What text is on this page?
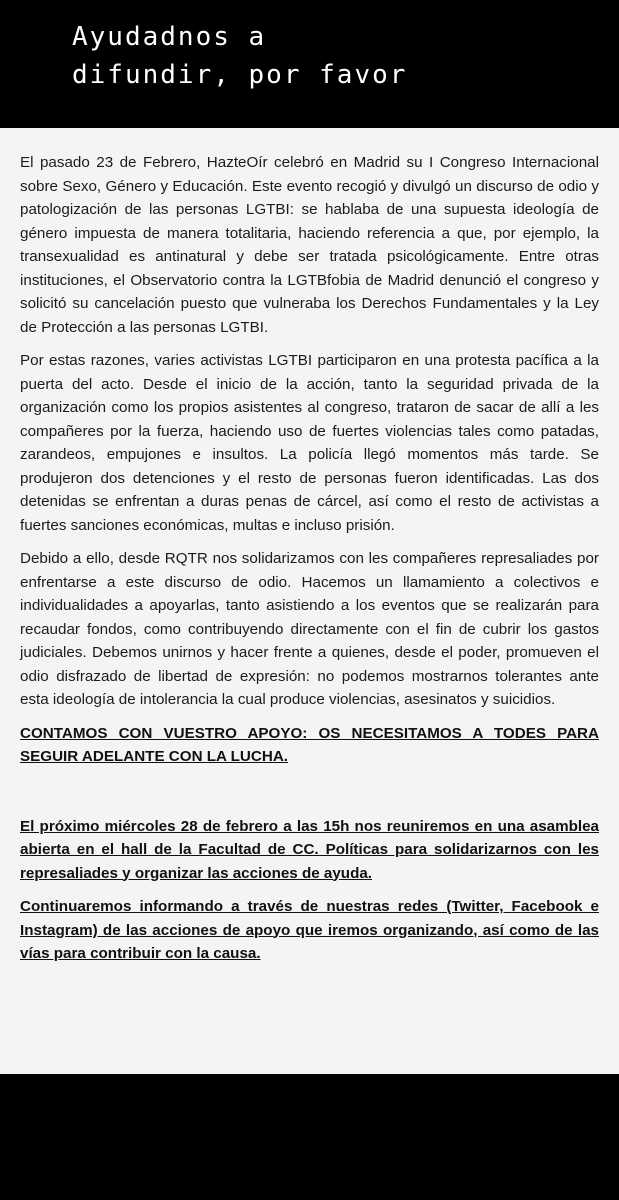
Ayudadnos a
difundir, por favor

El pasado 23 de Febrero, HazteOír celebró en Madrid su I Congreso Internacional sobre Sexo, Género y Educación. Este evento recogió y divulgó un discurso de odio y patologización de las personas LGTBI: se hablaba de una supuesta ideología de género impuesta de manera totalitaria, haciendo referencia a que, por ejemplo, la transexualidad es antinatural y debe ser tratada psicológicamente. Entre otras instituciones, el Observatorio contra la LGTBfobia de Madrid denunció el congreso y solicitó su cancelación puesto que vulneraba los Derechos Fundamentales y la Ley de Protección a las personas LGTBI.

Por estas razones, varies activistas LGTBI participaron en una protesta pacífica a la puerta del acto. Desde el inicio de la acción, tanto la seguridad privada de la organización como los propios asistentes al congreso, trataron de sacar de allí a les compañeres por la fuerza, haciendo uso de fuertes violencias tales como patadas, zarandeos, empujones e insultos. La policía llegó momentos más tarde. Se produjeron dos detenciones y el resto de personas fueron identificadas. Las dos detenidas se enfrentan a duras penas de cárcel, así como el resto de activistas a fuertes sanciones económicas, multas e incluso prisión.

Debido a ello, desde RQTR nos solidarizamos con les compañeres represaliades por enfrentarse a este discurso de odio. Hacemos un llamamiento a colectivos e individualidades a apoyarlas, tanto asistiendo a los eventos que se realizarán para recaudar fondos, como contribuyendo directamente con el fin de cubrir los gastos judiciales. Debemos unirnos y hacer frente a quienes, desde el poder, promueven el odio disfrazado de libertad de expresión: no podemos mostrarnos tolerantes ante esta ideología de intolerancia la cual produce violencias, asesinatos y suicidios.

CONTAMOS CON VUESTRO APOYO: OS NECESITAMOS A TODES PARA SEGUIR ADELANTE CON LA LUCHA.

El próximo miércoles 28 de febrero a las 15h nos reuniremos en una asamblea abierta en el hall de la Facultad de CC. Políticas para solidarizarnos con les represaliades y organizar las acciones de ayuda.

Continuaremos informando a través de nuestras redes (Twitter, Facebook e Instagram) de las acciones de apoyo que iremos organizando, así como de las vías para contribuir con la causa.
